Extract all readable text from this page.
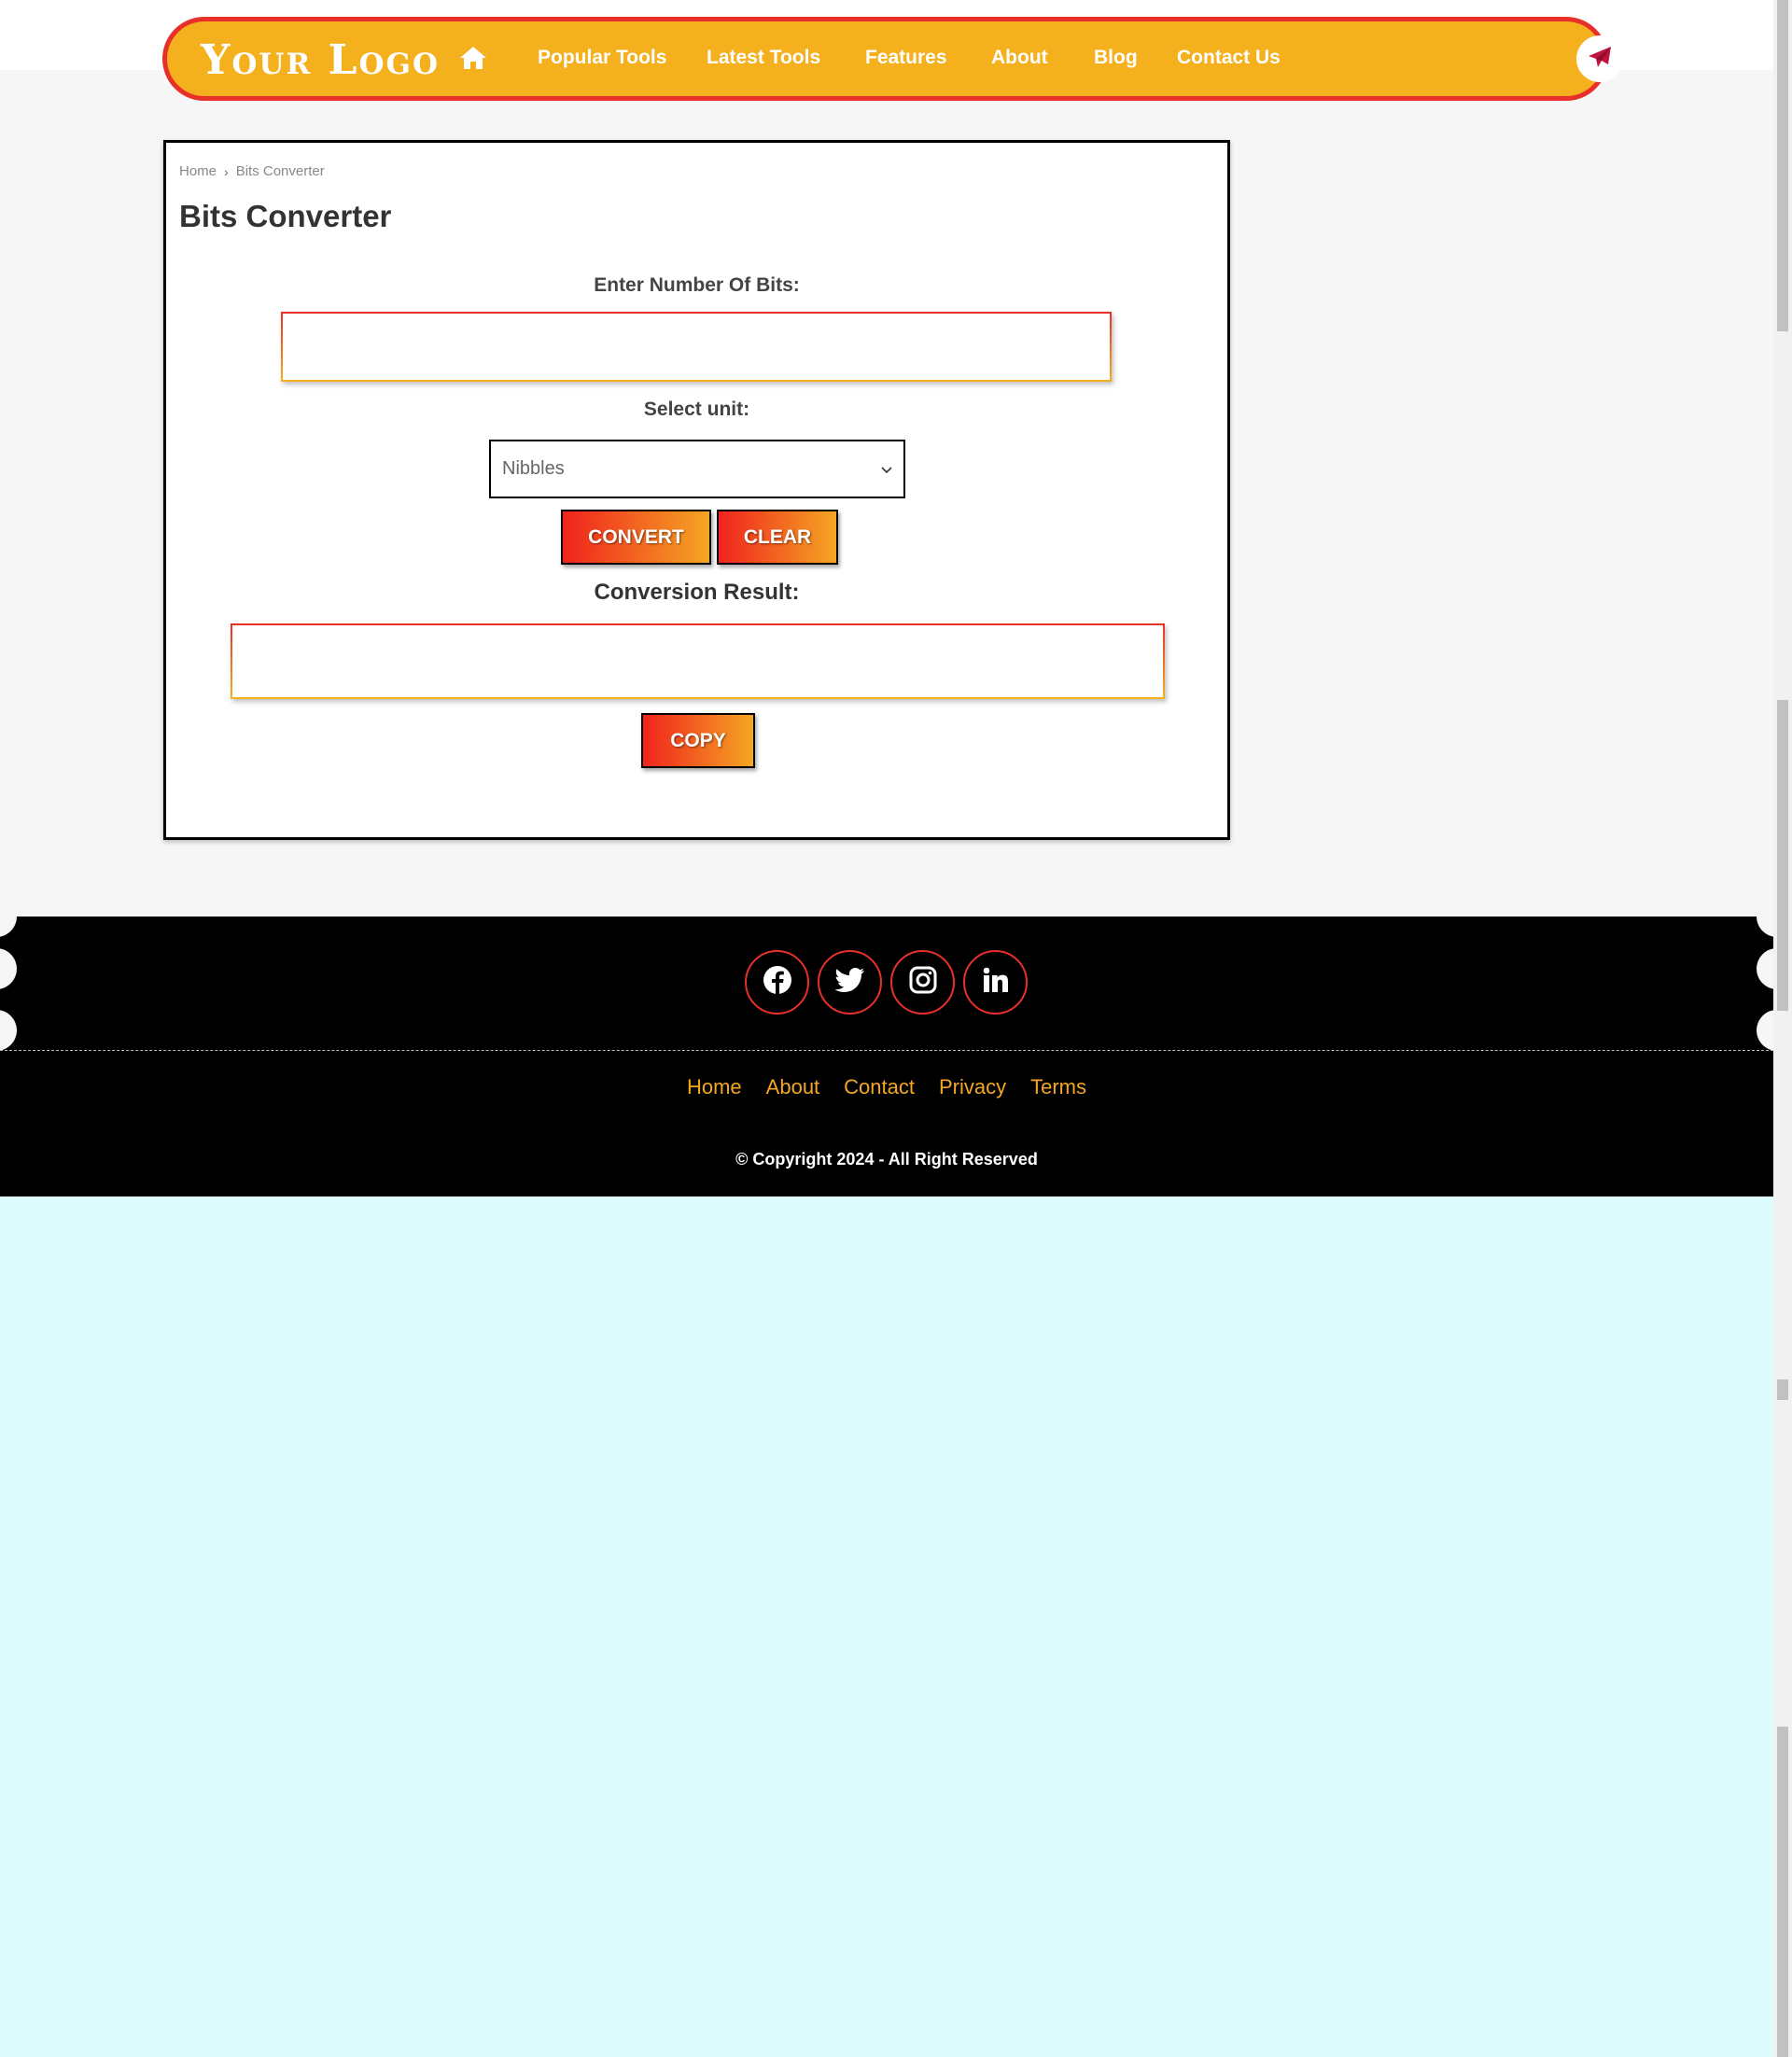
Your Logo	Popular Tools Latest Tools Features About Blog Contact Us
Home › Bits Converter
Bits Converter
Enter Number Of Bits:
Select unit:
Nibbles
CONVERT	CLEAR
Conversion Result:
COPY
Home About Contact Privacy Terms
© Copyright 2024 - All Right Reserved
